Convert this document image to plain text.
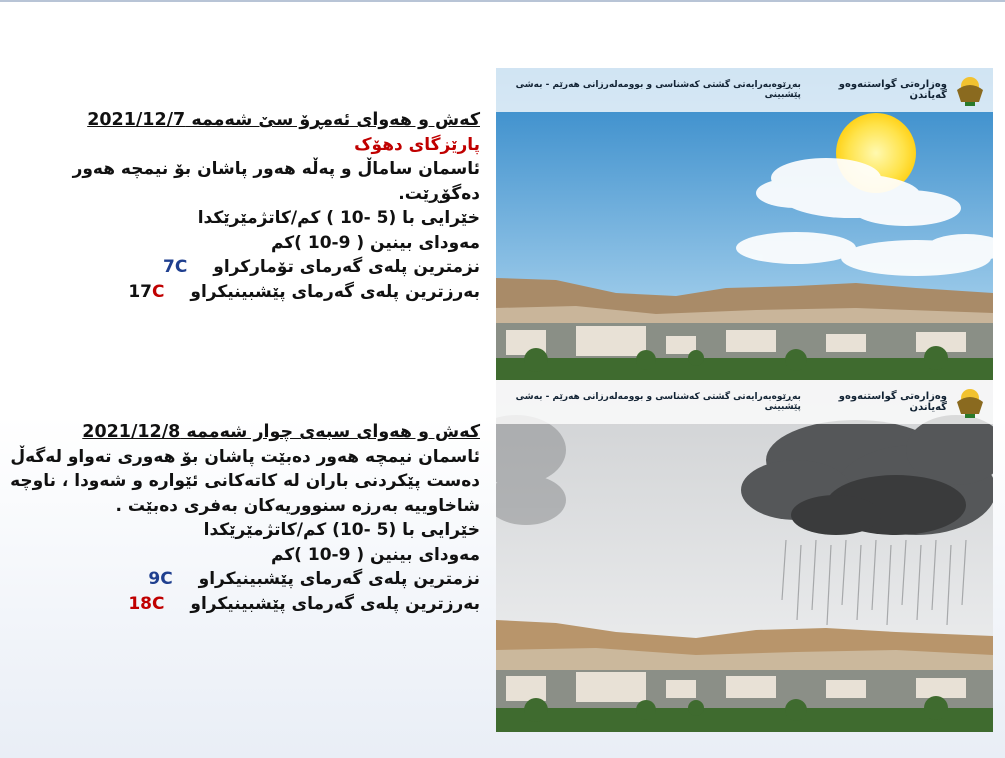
کەش و هەوای ئەمڕۆ سێ شەممە 2021/12/7
پارێزگای دهۆک
ئاسمان ساماڵ و پەڵە هەور پاشان بۆ نیمچە هەور دەگۆڕێت.
خێرایی با (5 -10 ) کم/کاتژمێرێکدا
مەودای بینین ( 9-10 )کم
نزمترین پلەی گەرمای تۆمارکراو 7C
بەرزترین پلەی گەرمای پێشبینیکراو 17C
کەش و هەوای سبەی چوار شەممە 2021/12/8
ئاسمان نیمچە هەور دەبێت پاشان بۆ هەوری تەواو لەگەڵ دەست پێکردنی باران لە کاتەکانی ئێوارە و شەودا ، ناوچە شاخاوییە بەرزە سنووریەکان بەفری دەبێت .
خێرایی با (5 -10) کم/کاتژمێرێکدا
مەودای بینین ( 9-10 )کم
نزمترین پلەی گەرمای پێشبینیکراو 9C
بەرزترین پلەی گەرمای پێشبینیکراو 18C
وەزارەتی گواستنەوەو گەیاندن
بەڕێوەبەرایەتی گشتی کەشناسی و بوومەلەرزانی هەرێم - بەشی پێشبینی
وەزارەتی گواستنەوەو گەیاندن
بەڕێوەبەرایەتی گشتی کەشناسی و بوومەلەرزانی هەرێم - بەشی پێشبینی
